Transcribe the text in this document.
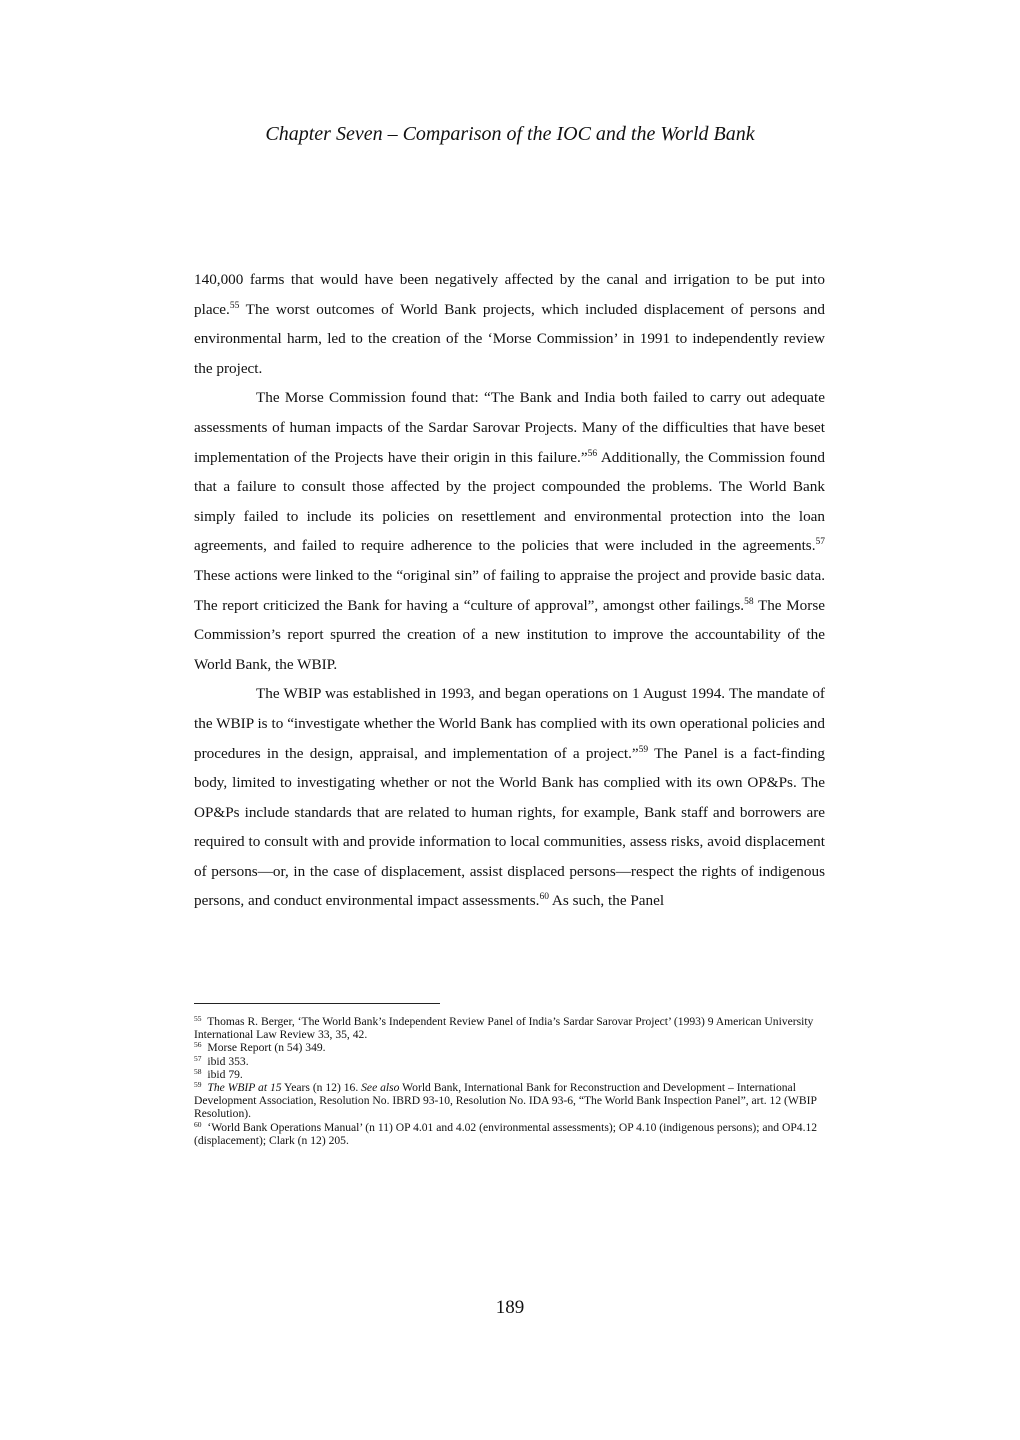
Chapter Seven – Comparison of the IOC and the World Bank

140,000 farms that would have been negatively affected by the canal and irrigation to be put into place.$^{55}$ The worst outcomes of World Bank projects, which included displacement of persons and environmental harm, led to the creation of the ‘Morse Commission’ in 1991 to independently review the project.

The Morse Commission found that: “The Bank and India both failed to carry out adequate assessments of human impacts of the Sardar Sarovar Projects. Many of the difficulties that have beset implementation of the Projects have their origin in this failure.”$^{56}$ Additionally, the Commission found that a failure to consult those affected by the project compounded the problems. The World Bank simply failed to include its policies on resettlement and environmental protection into the loan agreements, and failed to require adherence to the policies that were included in the agreements.$^{57}$ These actions were linked to the “original sin” of failing to appraise the project and provide basic data. The report criticized the Bank for having a “culture of approval”, amongst other failings.$^{58}$ The Morse Commission’s report spurred the creation of a new institution to improve the accountability of the World Bank, the WBIP.

The WBIP was established in 1993, and began operations on 1 August 1994. The mandate of the WBIP is to “investigate whether the World Bank has complied with its own operational policies and procedures in the design, appraisal, and implementation of a project.”$^{59}$ The Panel is a fact-finding body, limited to investigating whether or not the World Bank has complied with its own OP&Ps. The OP&Ps include standards that are related to human rights, for example, Bank staff and borrowers are required to consult with and provide information to local communities, assess risks, avoid displacement of persons—or, in the case of displacement, assist displaced persons—respect the rights of indigenous persons, and conduct environmental impact assessments.$^{60}$ As such, the Panel

$^{55}$ Thomas R. Berger, ‘The World Bank’s Independent Review Panel of India’s Sardar Sarovar Project’ (1993) 9 American University International Law Review 33, 35, 42.

$^{56}$ Morse Report (n 54) 349.

$^{57}$ ibid 353.

$^{58}$ ibid 79.

$^{59}$ The WBIP at 15 Years (n 12) 16. See also World Bank, International Bank for Reconstruction and Development – International Development Association, Resolution No. IBRD 93-10, Resolution No. IDA 93-6, “The World Bank Inspection Panel”, art. 12 (WBIP Resolution).

$^{60}$ ‘World Bank Operations Manual’ (n 11) OP 4.01 and 4.02 (environmental assessments); OP 4.10 (indigenous persons); and OP4.12 (displacement); Clark (n 12) 205.

189
